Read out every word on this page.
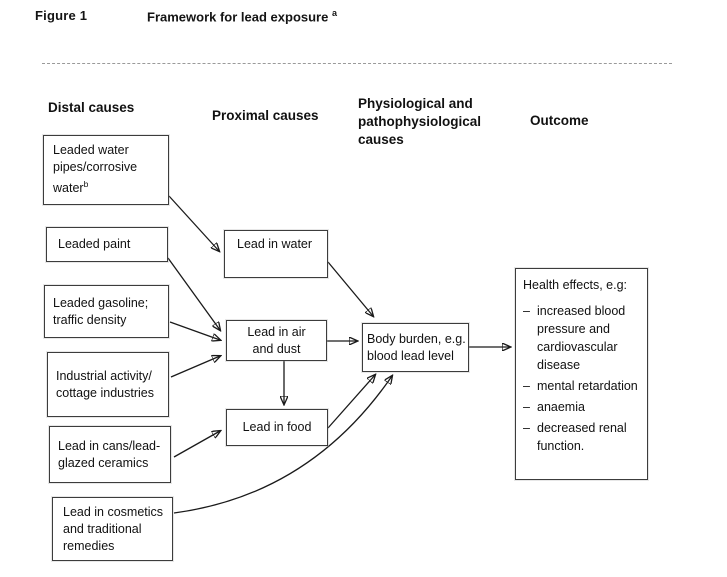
Figure 1	Framework for lead exposure $^a$
Distal causes
Proximal causes
Physiological and pathophysiological causes
Outcome
Leaded water
pipes/corrosive
water$^b$
Leaded paint
Leaded gasoline;
traffic density
Industrial activity/
cottage industries
Lead in cans/lead-
glazed ceramics
Lead in cosmetics
and traditional
remedies
Lead in water
Lead in air
and dust
Lead in food
Body burden, e.g.
blood lead level
Health effects, e.g:
– increased blood pressure and cardiovascular disease
– mental retardation
– anaemia
– decreased renal function.
